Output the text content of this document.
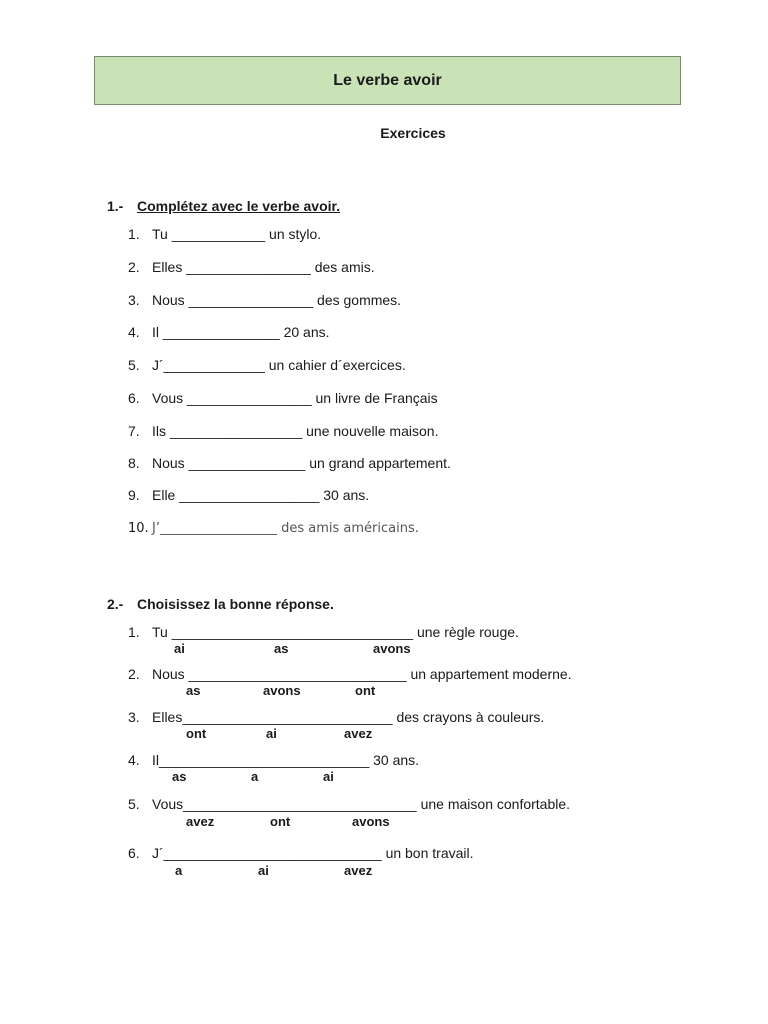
Le verbe avoir
Exercices
1.- Complétez avec le verbe avoir.
1. Tu ____________ un stylo.
2. Elles ________________ des amis.
3. Nous ________________ des gommes.
4. Il _______________ 20 ans.
5. J´_____________ un cahier d´exercices.
6. Vous ________________ un livre de Français
7. Ils _________________ une nouvelle maison.
8. Nous _______________ un grand appartement.
9. Elle __________________ 30 ans.
10. J’__________________ des amis américains.
2.- Choisissez la bonne réponse.
1. Tu _______________________________ une règle rouge.
ai	as	avons
2. Nous ____________________________ un appartement moderne.
as	avons	ont
3. Elles___________________________ des crayons à couleurs.
ont	ai	avez
4. Il___________________________ 30 ans.
as	a	ai
5. Vous______________________________ une maison confortable.
avez	ont	avons
6. J´____________________________ un bon travail.
a	ai	avez
